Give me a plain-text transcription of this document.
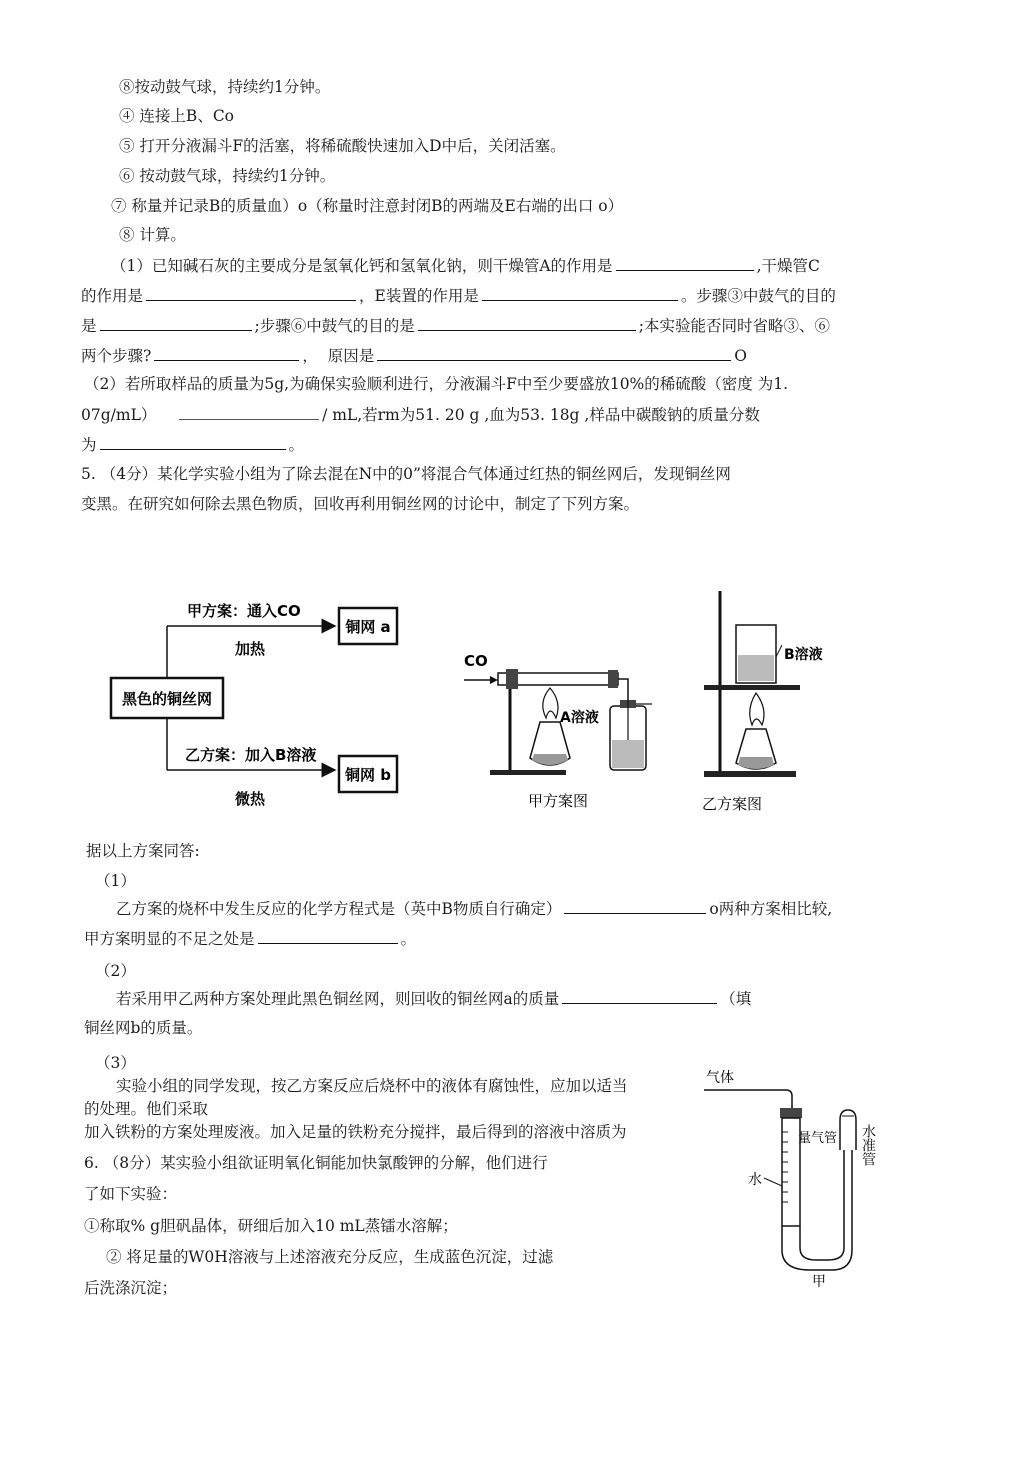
⑧按动鼓气球，持续约1分钟。
④ 连接上B、Co
⑤ 打开分液漏斗F的活塞，将稀硫酸快速加入D中后，关闭活塞。
⑥ 按动鼓气球，持续约1分钟。
⑦ 称量并记录B的质量血）o（称量时注意封闭B的两端及E右端的出口 o）
⑧ 计算。
（1）已知碱石灰的主要成分是氢氧化钙和氢氧化钠，则干燥管A的作用是	,干燥管C
的作用是	，E装置的作用是	。步骤③中鼓气的目的
是	;步骤⑥中鼓气的目的是	;本实验能否同时省略③、⑥
两个步骤?	， 原因是	O
（2）若所取样品的质量为5g,为确保实验顺利进行，分液漏斗F中至少要盛放10%的稀硫酸（密度 为1.
07g/mL）	/ mL,若rm为51. 20 g ,血为53. 18g ,样品中碳酸钠的质量分数
为	。
5. （4分）某化学实验小组为了除去混在N中的0”将混合气体通过红热的铜丝网后，发现铜丝网
变黑。在研究如何除去黑色物质，回收再利用铜丝网的讨论中，制定了下列方案。
黑色的铜丝网
甲方案：通入CO
加热
铜网 a
乙方案：加入B溶液
微热
铜网 b
CO
A溶液
甲方案图
B溶液
乙方案图
据以上方案同答:
（1）
乙方案的烧杯中发生反应的化学方程式是（英中B物质自行确定）	o两种方案相比较,
甲方案明显的不足之处是	。
（2）
若采用甲乙两种方案处理此黑色铜丝网，则回收的铜丝网a的质量	（填
铜丝网b的质量。
（3）
实验小组的同学发现，按乙方案反应后烧杯中的液体有腐蚀性，应加以适当
的处理。他们采取
加入铁粉的方案处理废液。加入足量的铁粉充分搅拌，最后得到的溶液中溶质为
6. （8分）某实验小组欲证明氧化铜能加快氯酸钾的分解，他们进行
了如下实验：
①称取% g胆矾晶体，研细后加入10 mL蒸镭水溶解；
② 将足量的W0H溶液与上述溶液充分反应，生成蓝色沉淀，过滤
后洗涤沉淀；
气体
量气管
水
水准管
甲
